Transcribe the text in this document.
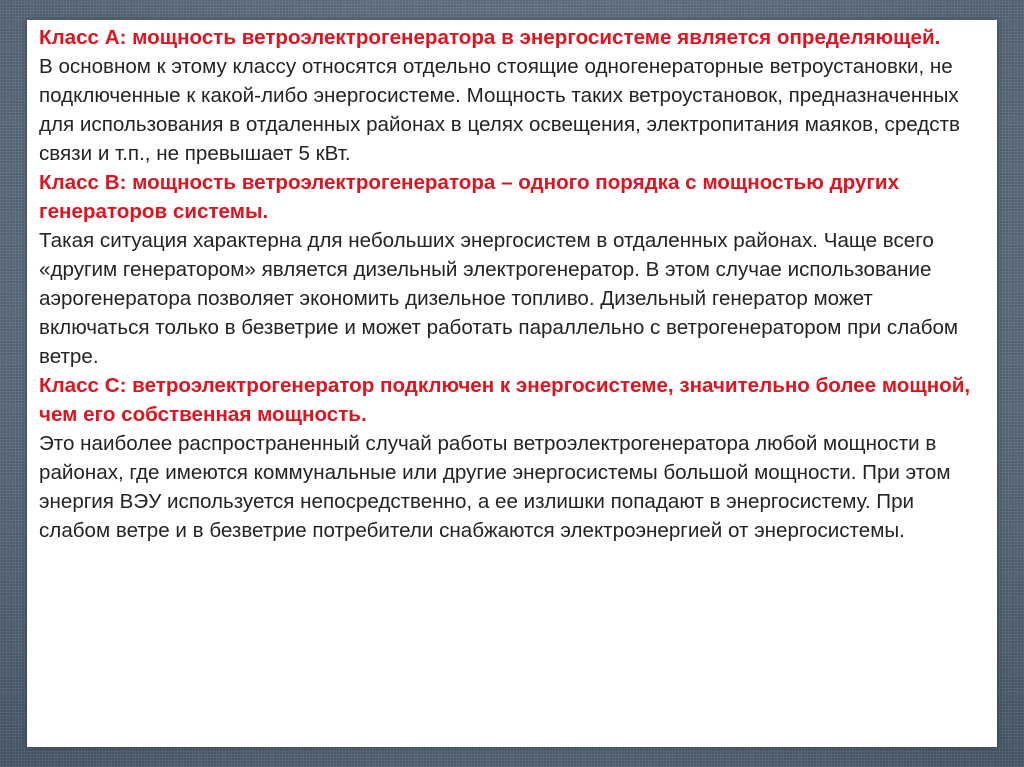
Класс А: мощность ветроэлектрогенератора в энергосистеме является определяющей.
В основном к этому классу относятся отдельно стоящие одногенераторные ветроустановки, не подключенные к какой-либо энергосистеме. Мощность таких ветроустановок, предназначенных для использования в отдаленных районах в целях освещения, электропитания маяков, средств связи и т.п., не превышает 5 кВт.
Класс В: мощность ветроэлектрогенератора – одного порядка с мощностью других генераторов системы.
Такая ситуация характерна для небольших энергосистем в отдаленных районах. Чаще всего «другим генератором» является дизельный электрогенератор. В этом случае использование аэрогенератора позволяет экономить дизельное топливо. Дизельный генератор может включаться только в безветрие и может работать параллельно с ветрогенератором при слабом ветре.
Класс С: ветроэлектрогенератор подключен к энергосистеме, значительно более мощной, чем его собственная мощность.
Это наиболее распространенный случай работы ветроэлектрогенератора любой мощности в районах, где имеются коммунальные или другие энергосистемы большой мощности. При этом энергия ВЭУ используется непосредственно, а ее излишки попадают в энергосистему. При слабом ветре и в безветрие потребители снабжаются электроэнергией от энергосистемы.
